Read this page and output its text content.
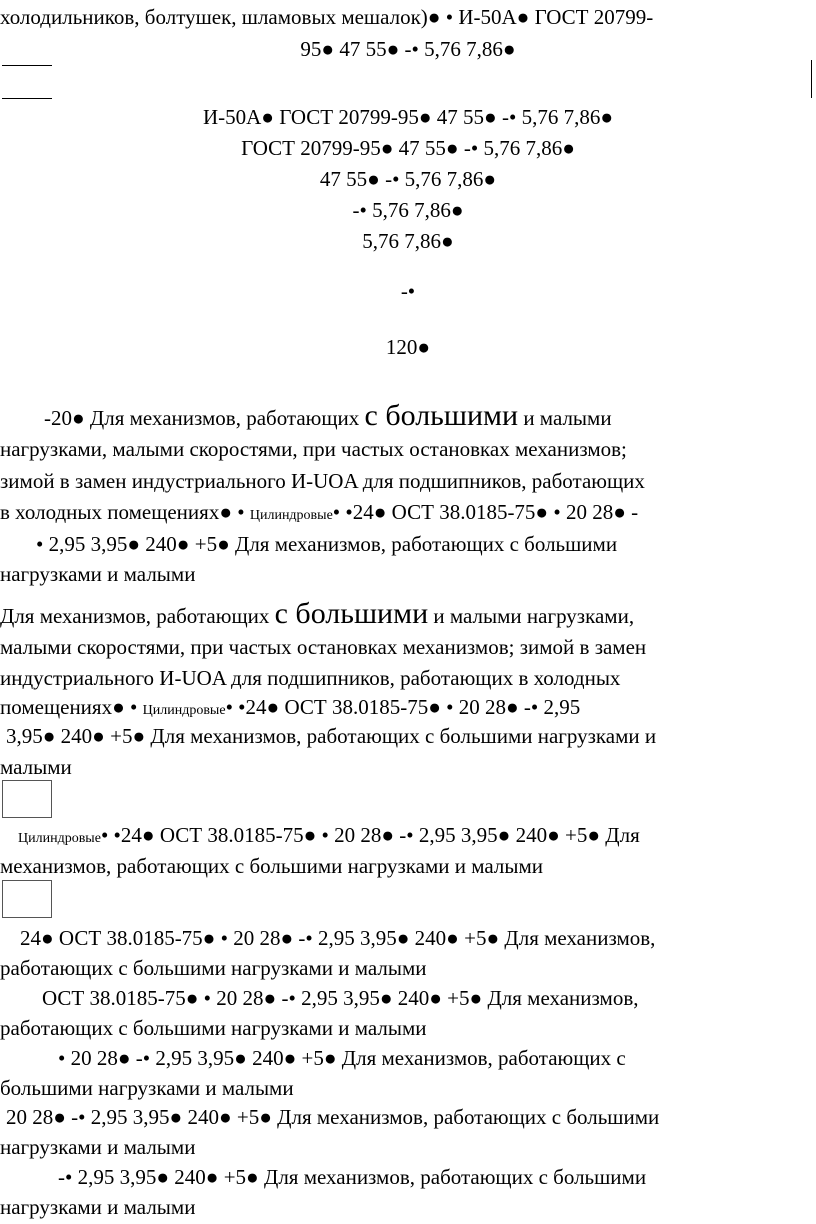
холодильников, болтушек, шламовых мешалок)● • И-50А● ГОСТ 20799-
95● 47 55● -• 5,76 7,86●
И-50А● ГОСТ 20799-95● 47 55● -• 5,76 7,86●
ГОСТ 20799-95● 47 55● -• 5,76 7,86●
47 55● -• 5,76 7,86●
-• 5,76 7,86●
5,76 7,86●
-•
120●
-20● Для механизмов, работающих с большими и малыми
нагрузками, малыми скоростями, при частых остановках механизмов;
зимой в замен индустриального И-UOA для подшипников, работающих
в холодных помещениях● • Цилиндровые• •24● ОСТ 38.0185-75● • 20 28● -
• 2,95 3,95● 240● +5● Для механизмов, работающих с большими
нагрузками и малыми
Для механизмов, работающих с большими и малыми нагрузками,
малыми скоростями, при частых остановках механизмов; зимой в замен
индустриального И-UOA для подшипников, работающих в холодных
помещениях● • Цилиндровые• •24● ОСТ 38.0185-75● • 20 28● -• 2,95
3,95● 240● +5● Для механизмов, работающих с большими нагрузками и
малыми
Цилиндровые• •24● ОСТ 38.0185-75● • 20 28● -• 2,95 3,95● 240● +5● Для
механизмов, работающих с большими нагрузками и малыми
24● ОСТ 38.0185-75● • 20 28● -• 2,95 3,95● 240● +5● Для механизмов,
работающих с большими нагрузками и малыми
ОСТ 38.0185-75● • 20 28● -• 2,95 3,95● 240● +5● Для механизмов,
работающих с большими нагрузками и малыми
• 20 28● -• 2,95 3,95● 240● +5● Для механизмов, работающих с
большими нагрузками и малыми
20 28● -• 2,95 3,95● 240● +5● Для механизмов, работающих с большими
нагрузками и малыми
-• 2,95 3,95● 240● +5● Для механизмов, работающих с большими
нагрузками и малыми
